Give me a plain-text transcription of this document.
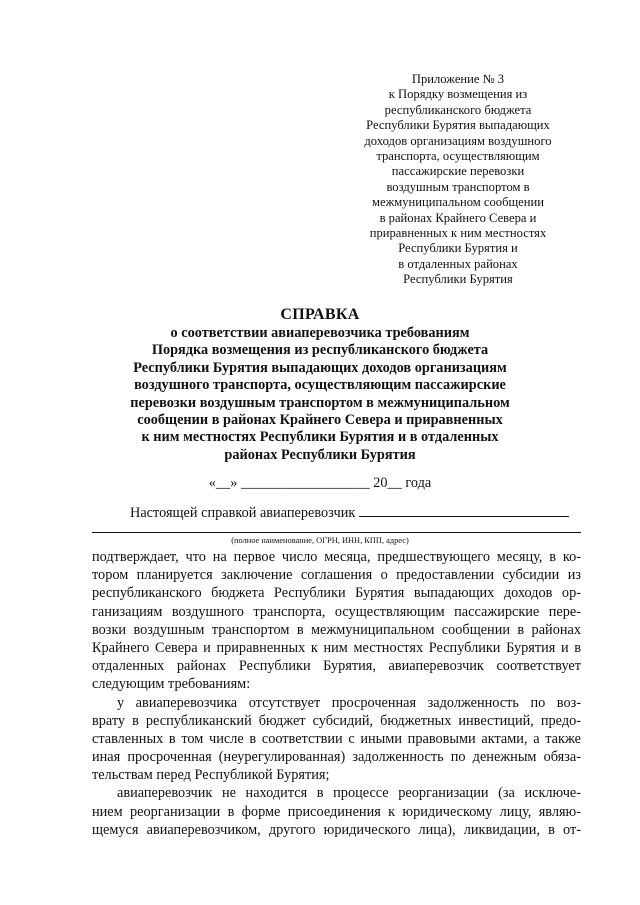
Приложение № 3
к Порядку возмещения из
республиканского бюджета
Республики Бурятия выпадающих
доходов организациям воздушного
транспорта, осуществляющим
пассажирские перевозки
воздушным транспортом в
межмуниципальном сообщении
в районах Крайнего Севера и
приравненных к ним местностях
Республики Бурятия и
в отдаленных районах
Республики Бурятия
СПРАВКА
о соответствии авиаперевозчика требованиям
Порядка возмещения из республиканского бюджета
Республики Бурятия выпадающих доходов организациям
воздушного транспорта, осуществляющим пассажирские
перевозки воздушным транспортом в межмуниципальном
сообщении в районах Крайнего Севера и приравненных
к ним местностях Республики Бурятия и в отдаленных
районах Республики Бурятия
«__» __________________ 20__ года
Настоящей справкой авиаперевозчик
(полное наименование, ОГРН, ИНН, КПП, адрес)
подтверждает, что на первое число месяца, предшествующего месяцу, в ко-
тором планируется заключение соглашения о предоставлении субсидии из
республиканского бюджета Республики Бурятия выпадающих доходов ор-
ганизациям воздушного транспорта, осуществляющим пассажирские пере-
возки воздушным транспортом в межмуниципальном сообщении в районах
Крайнего Севера и приравненных к ним местностях Республики Бурятия и в
отдаленных районах Республики Бурятия, авиаперевозчик соответствует
следующим требованиям:
у авиаперевозчика отсутствует просроченная задолженность по воз-
врату в республиканский бюджет субсидий, бюджетных инвестиций, предо-
ставленных в том числе в соответствии с иными правовыми актами, а также
иная просроченная (неурегулированная) задолженность по денежным обяза-
тельствам перед Республикой Бурятия;
авиаперевозчик не находится в процессе реорганизации (за исключе-
нием реорганизации в форме присоединения к юридическому лицу, являю-
щемуся авиаперевозчиком, другого юридического лица), ликвидации, в от-
